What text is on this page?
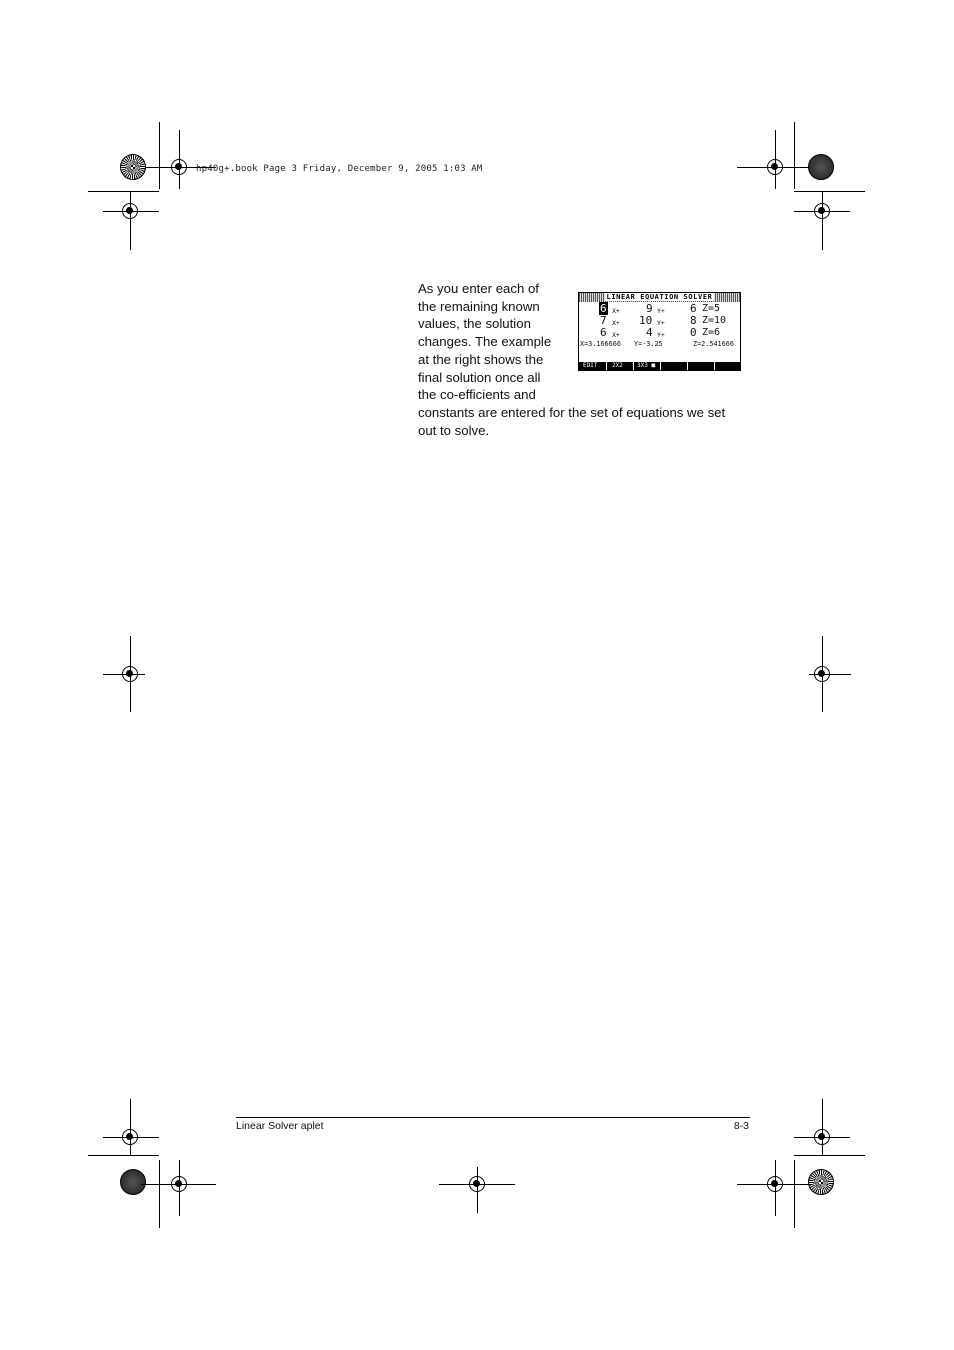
hp40g+.book Page 3 Friday, December 9, 2005 1:03 AM
As you enter each of
the remaining known
values, the solution
changes. The example
at the right shows the
final solution once all
the co-efficients and
constants are entered for the set of equations we set
out to solve.
LINEAR EQUATION SOLVER
6 X+ 9 Y+ 6 Z=5
7 X+ 10 Y+ 8 Z=10
6 X+ 4 Y+ 0 Z=6
X=3.166666 Y=-3.25	Z=2.541666
EDIT 2X2 3X3 ■
Linear Solver aplet	8-3
